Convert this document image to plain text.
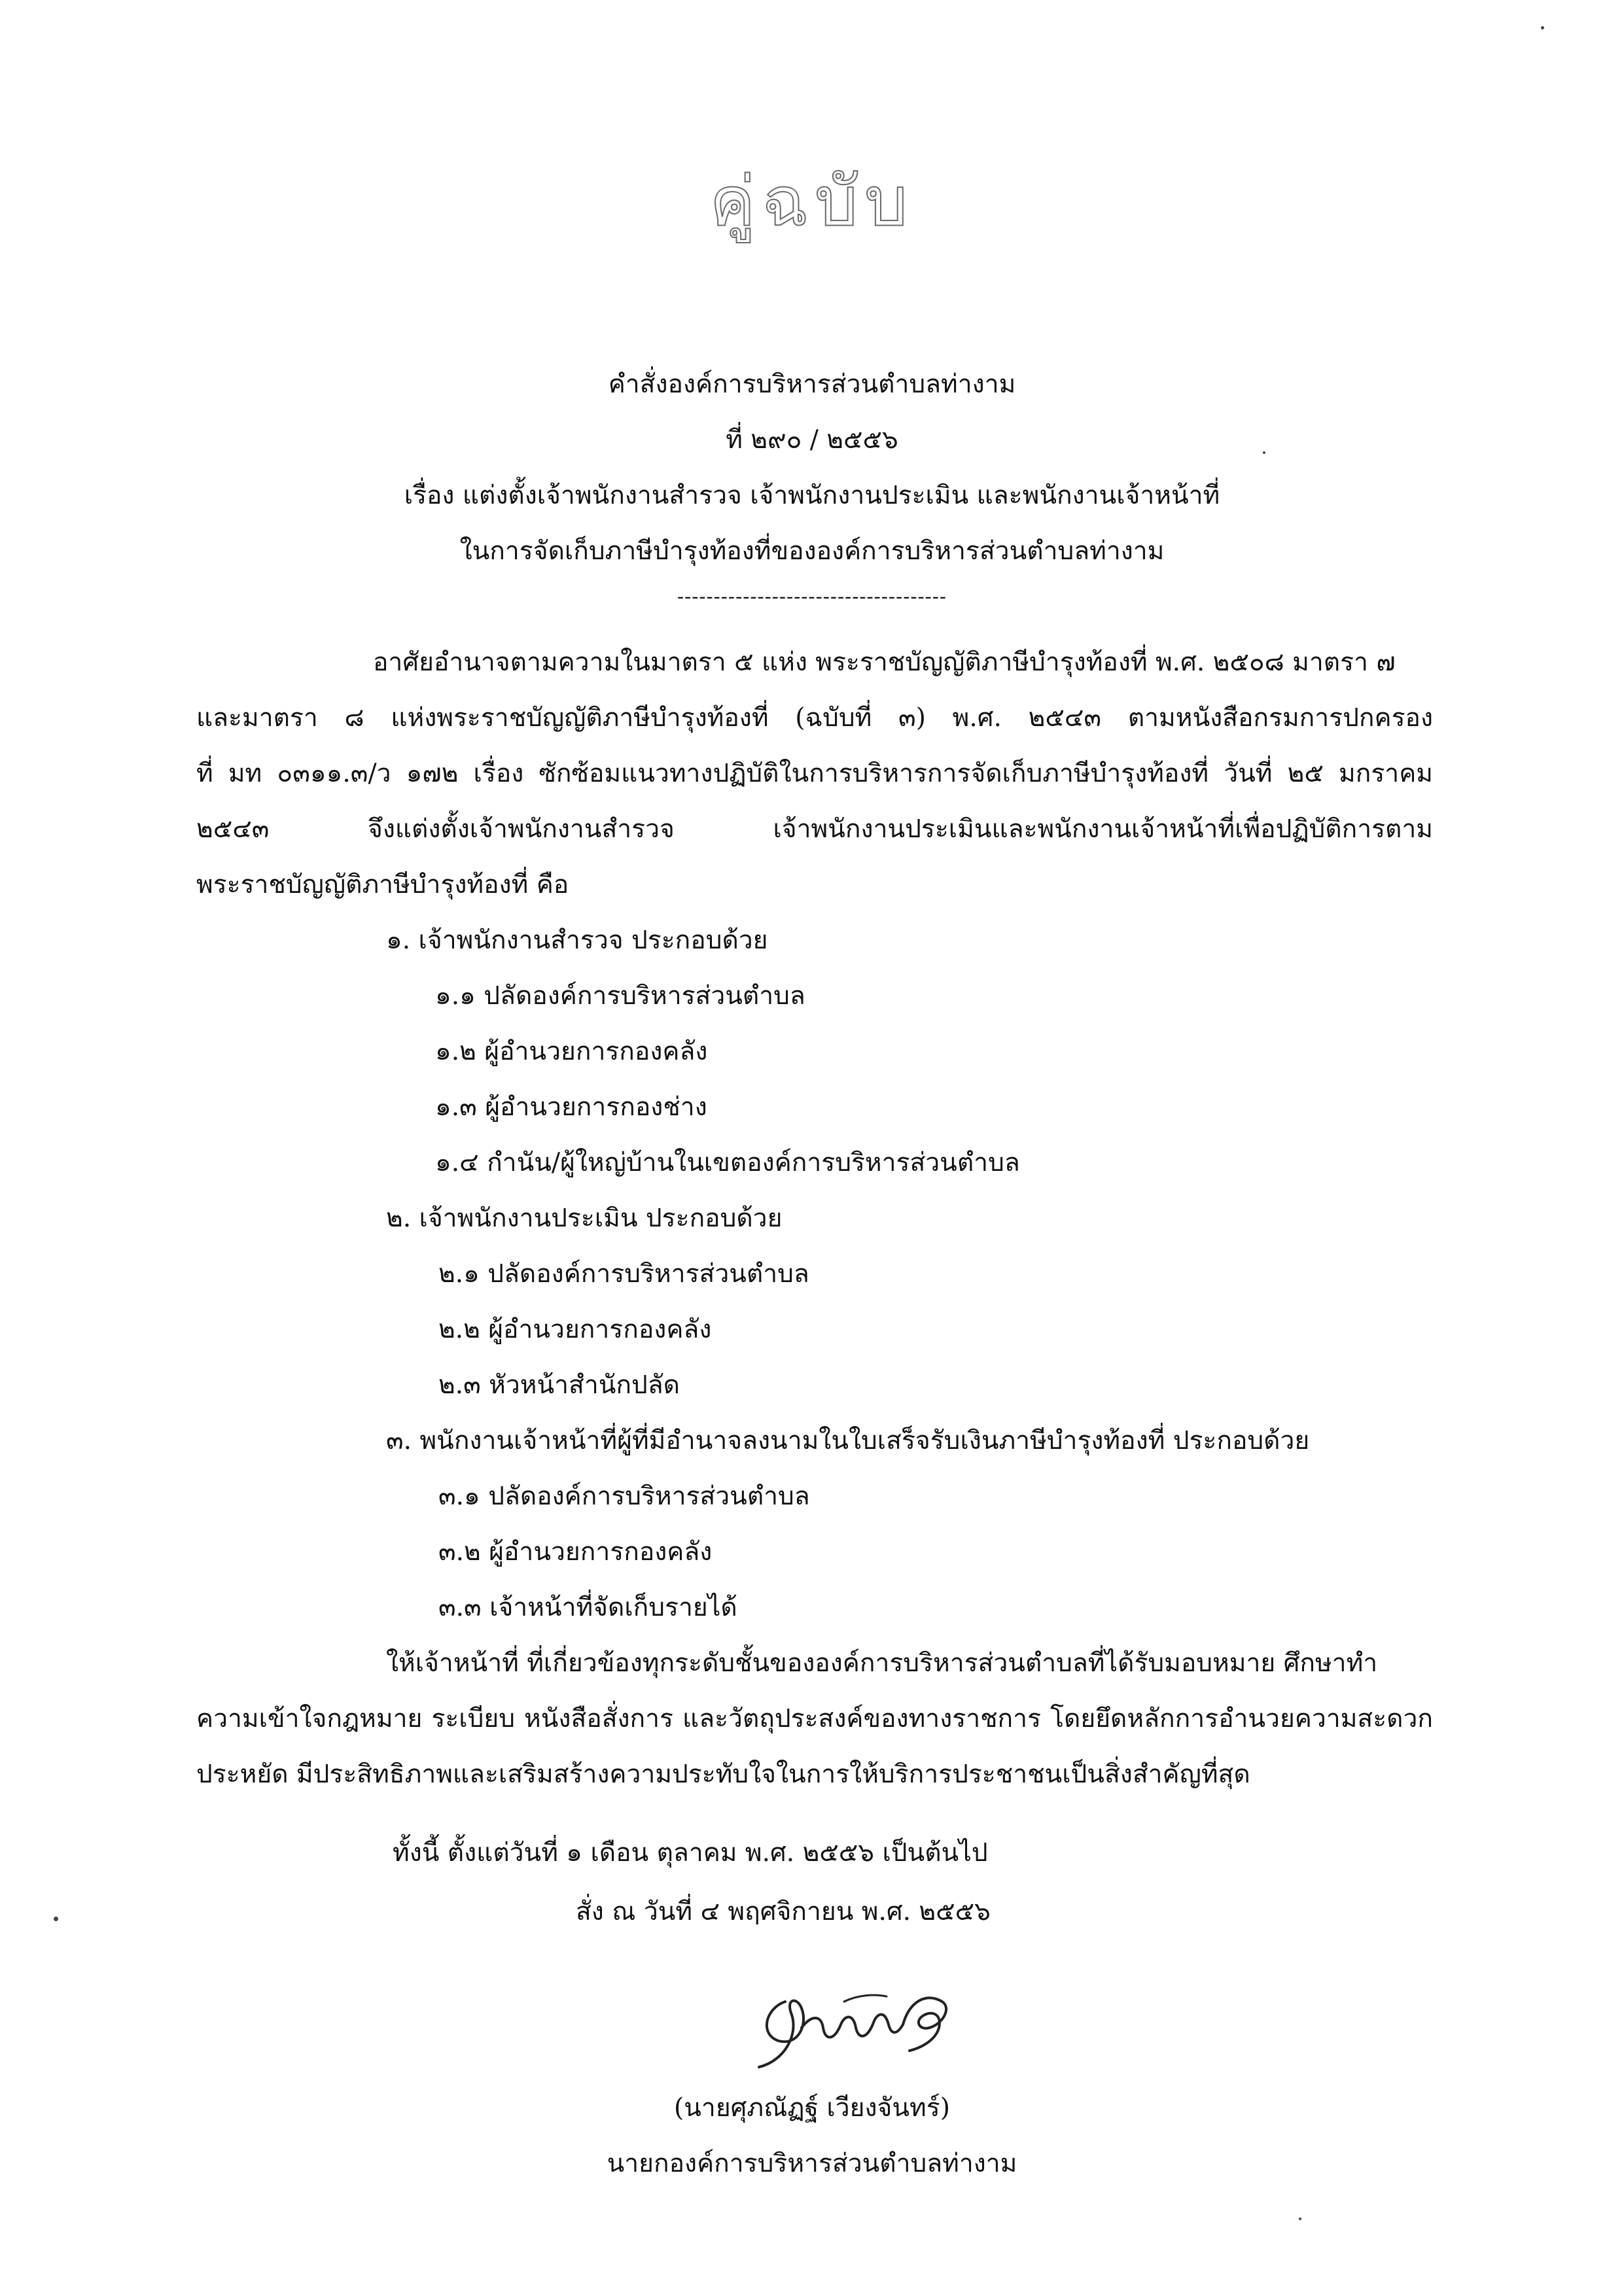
คู่ฉบับ
คำสั่งองค์การบริหารส่วนตำบลท่างาม
ที่ ๒๙๐ / ๒๕๕๖
เรื่อง แต่งตั้งเจ้าพนักงานสำรวจ เจ้าพนักงานประเมิน และพนักงานเจ้าหน้าที่
ในการจัดเก็บภาษีบำรุงท้องที่ขององค์การบริหารส่วนตำบลท่างาม
-------------------------------------
อาศัยอำนาจตามความในมาตรา ๕ แห่ง พระราชบัญญัติภาษีบำรุงท้องที่ พ.ศ. ๒๕๐๘ มาตรา ๗
และมาตรา ๘ แห่งพระราชบัญญัติภาษีบำรุงท้องที่ (ฉบับที่ ๓) พ.ศ. ๒๕๔๓ ตามหนังสือกรมการปกครอง
ที่ มท ๐๓๑๑.๓/ว ๑๗๒ เรื่อง ซักซ้อมแนวทางปฏิบัติในการบริหารการจัดเก็บภาษีบำรุงท้องที่ วันที่ ๒๕ มกราคม
๒๕๔๓ จึงแต่งตั้งเจ้าพนักงานสำรวจ เจ้าพนักงานประเมินและพนักงานเจ้าหน้าที่เพื่อปฏิบัติการตาม
พระราชบัญญัติภาษีบำรุงท้องที่ คือ
๑. เจ้าพนักงานสำรวจ ประกอบด้วย
๑.๑ ปลัดองค์การบริหารส่วนตำบล
๑.๒ ผู้อำนวยการกองคลัง
๑.๓ ผู้อำนวยการกองช่าง
๑.๔ กำนัน/ผู้ใหญ่บ้านในเขตองค์การบริหารส่วนตำบล
๒. เจ้าพนักงานประเมิน ประกอบด้วย
๒.๑ ปลัดองค์การบริหารส่วนตำบล
๒.๒ ผู้อำนวยการกองคลัง
๒.๓ หัวหน้าสำนักปลัด
๓. พนักงานเจ้าหน้าที่ผู้ที่มีอำนาจลงนามในใบเสร็จรับเงินภาษีบำรุงท้องที่ ประกอบด้วย
๓.๑ ปลัดองค์การบริหารส่วนตำบล
๓.๒ ผู้อำนวยการกองคลัง
๓.๓ เจ้าหน้าที่จัดเก็บรายได้
ให้เจ้าหน้าที่ ที่เกี่ยวข้องทุกระดับชั้นขององค์การบริหารส่วนตำบลที่ได้รับมอบหมาย ศึกษาทำ
ความเข้าใจกฎหมาย ระเบียบ หนังสือสั่งการ และวัตถุประสงค์ของทางราชการ โดยยึดหลักการอำนวยความสะดวก
ประหยัด มีประสิทธิภาพและเสริมสร้างความประทับใจในการให้บริการประชาชนเป็นสิ่งสำคัญที่สุด
ทั้งนี้ ตั้งแต่วันที่ ๑ เดือน ตุลาคม พ.ศ. ๒๕๕๖ เป็นต้นไป
สั่ง ณ วันที่ ๔ พฤศจิกายน พ.ศ. ๒๕๕๖
(นายศุภณัฏฐ์ เวียงจันทร์)
นายกองค์การบริหารส่วนตำบลท่างาม
